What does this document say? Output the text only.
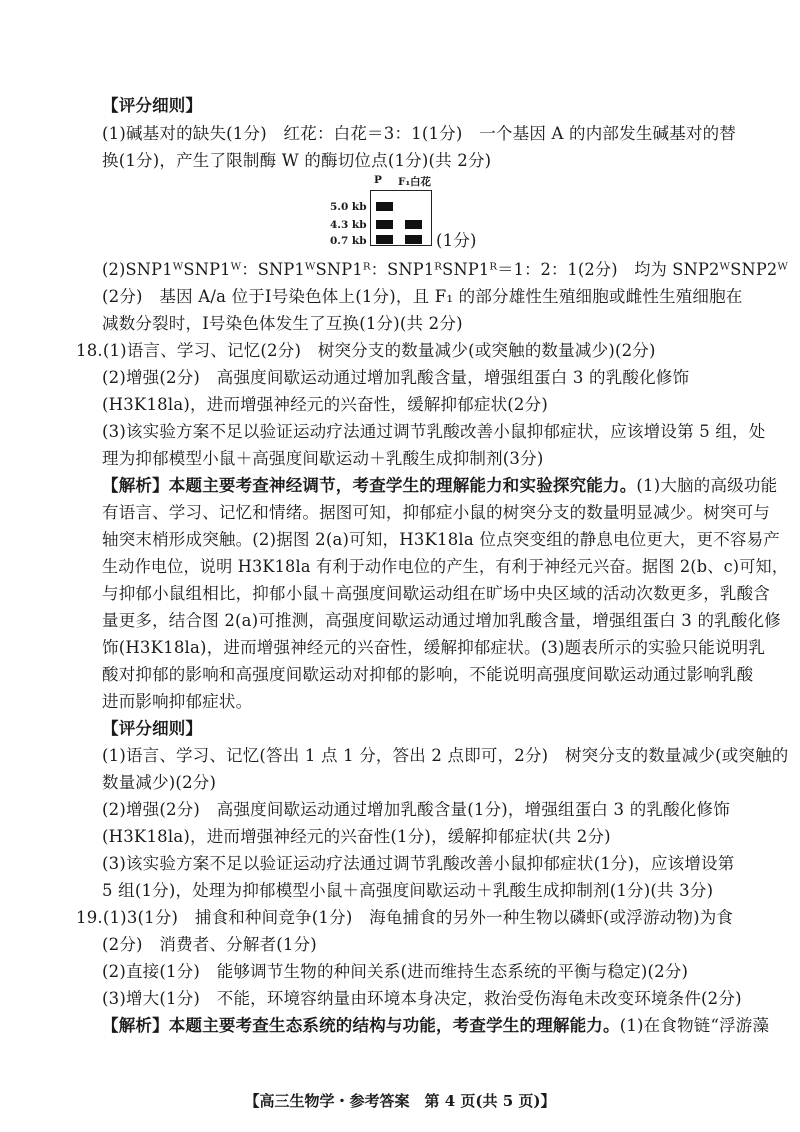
【评分细则】
(1)碱基对的缺失(1分)　红花：白花＝3：1(1分)　一个基因 A 的内部发生碱基对的替
换(1分)，产生了限制酶 W 的酶切位点(1分)(共 2分)
P F₁白花
5.0 kb
4.3 kb
0.7 kb	(1分)
(2)SNP1ᵂSNP1ᵂ：SNP1ᵂSNP1ᴿ：SNP1ᴿSNP1ᴿ＝1：2：1(2分)　均为 SNP2ᵂSNP2ᵂ
(2分)　基因 A/a 位于Ⅰ号染色体上(1分)，且 F₁ 的部分雄性生殖细胞或雌性生殖细胞在
减数分裂时，Ⅰ号染色体发生了互换(1分)(共 2分)
18.(1)语言、学习、记忆(2分)　树突分支的数量减少(或突触的数量减少)(2分)
(2)增强(2分)　高强度间歇运动通过增加乳酸含量，增强组蛋白 3 的乳酸化修饰
(H3K18la)，进而增强神经元的兴奋性，缓解抑郁症状(2分)
(3)该实验方案不足以验证运动疗法通过调节乳酸改善小鼠抑郁症状，应该增设第 5 组，处
理为抑郁模型小鼠＋高强度间歇运动＋乳酸生成抑制剂(3分)
【解析】本题主要考查神经调节，考查学生的理解能力和实验探究能力。(1)大脑的高级功能
有语言、学习、记忆和情绪。据图可知，抑郁症小鼠的树突分支的数量明显减少。树突可与
轴突末梢形成突触。(2)据图 2(a)可知，H3K18la 位点突变组的静息电位更大，更不容易产
生动作电位，说明 H3K18la 有利于动作电位的产生，有利于神经元兴奋。据图 2(b、c)可知，
与抑郁小鼠组相比，抑郁小鼠＋高强度间歇运动组在旷场中央区域的活动次数更多，乳酸含
量更多，结合图 2(a)可推测，高强度间歇运动通过增加乳酸含量，增强组蛋白 3 的乳酸化修
饰(H3K18la)，进而增强神经元的兴奋性，缓解抑郁症状。(3)题表所示的实验只能说明乳
酸对抑郁的影响和高强度间歇运动对抑郁的影响，不能说明高强度间歇运动通过影响乳酸
进而影响抑郁症状。
【评分细则】
(1)语言、学习、记忆(答出 1 点 1 分，答出 2 点即可，2分)　树突分支的数量减少(或突触的
数量减少)(2分)
(2)增强(2分)　高强度间歇运动通过增加乳酸含量(1分)，增强组蛋白 3 的乳酸化修饰
(H3K18la)，进而增强神经元的兴奋性(1分)，缓解抑郁症状(共 2分)
(3)该实验方案不足以验证运动疗法通过调节乳酸改善小鼠抑郁症状(1分)，应该增设第
5 组(1分)，处理为抑郁模型小鼠＋高强度间歇运动＋乳酸生成抑制剂(1分)(共 3分)
19.(1)3(1分)　捕食和种间竞争(1分)　海龟捕食的另外一种生物以磷虾(或浮游动物)为食
(2分)　消费者、分解者(1分)
(2)直接(1分)　能够调节生物的种间关系(进而维持生态系统的平衡与稳定)(2分)
(3)增大(1分)　不能，环境容纳量由环境本身决定，救治受伤海龟未改变环境条件(2分)
【解析】本题主要考查生态系统的结构与功能，考查学生的理解能力。(1)在食物链“浮游藻
【高三生物学・参考答案　第 4 页(共 5 页)】
